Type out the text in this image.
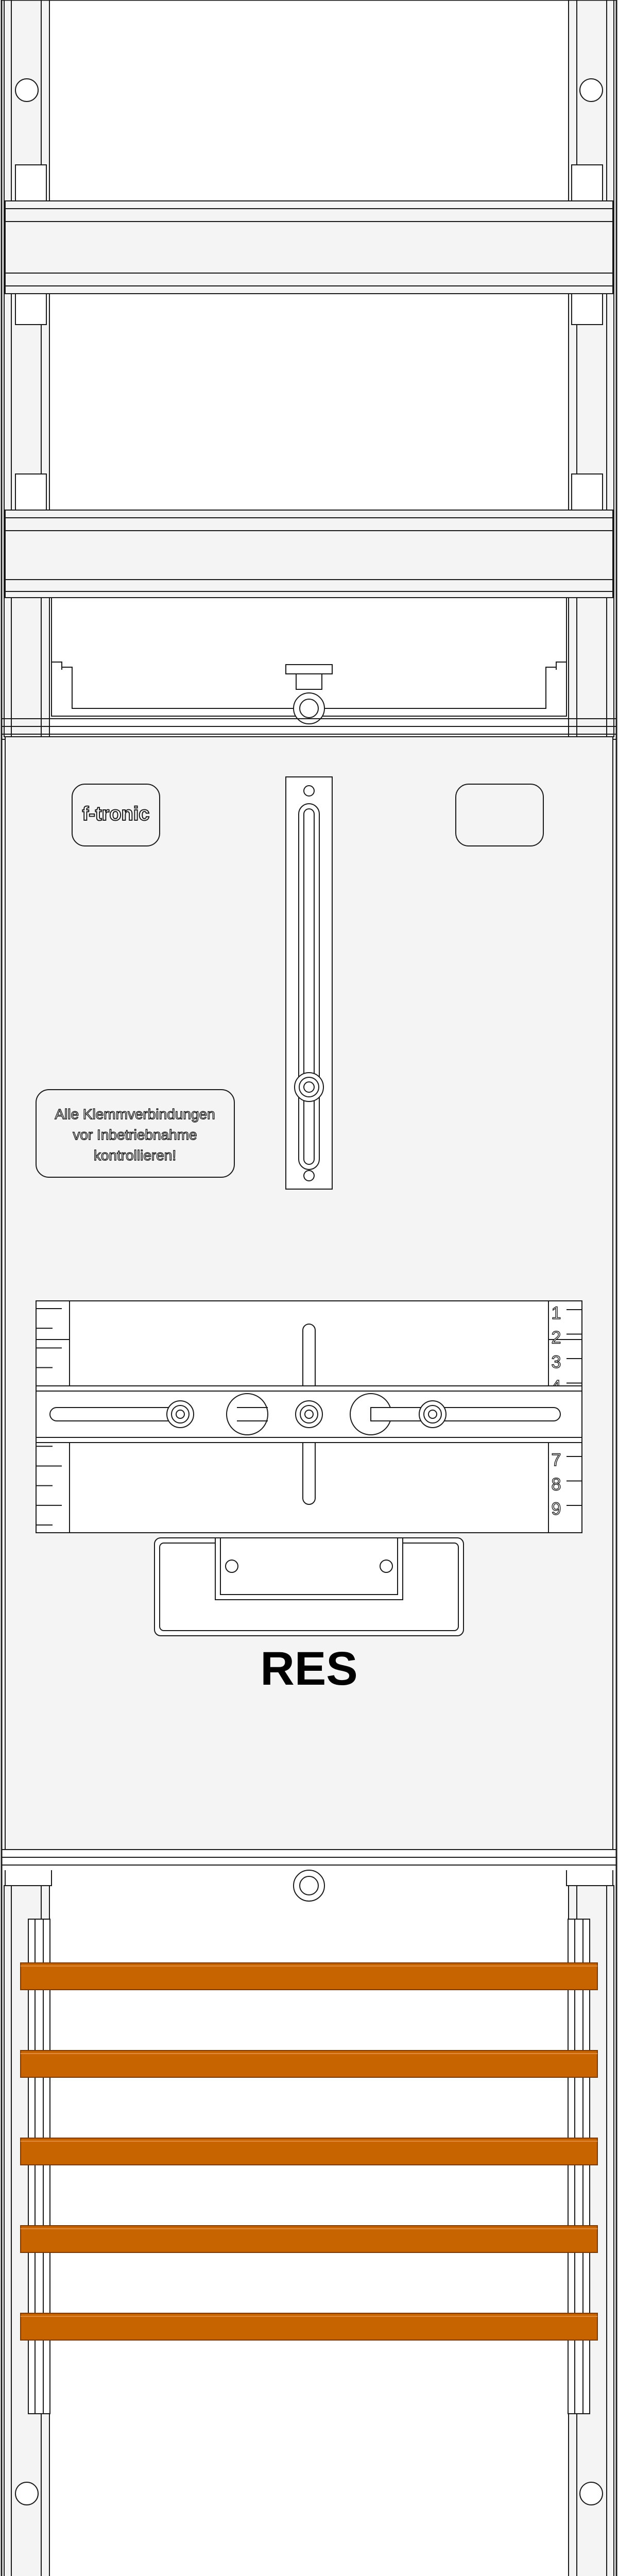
f-tronic
Alle Klemmverbindungen
vor Inbetriebnahme
kontrollieren!
1
2
3
7
8
9
RES
